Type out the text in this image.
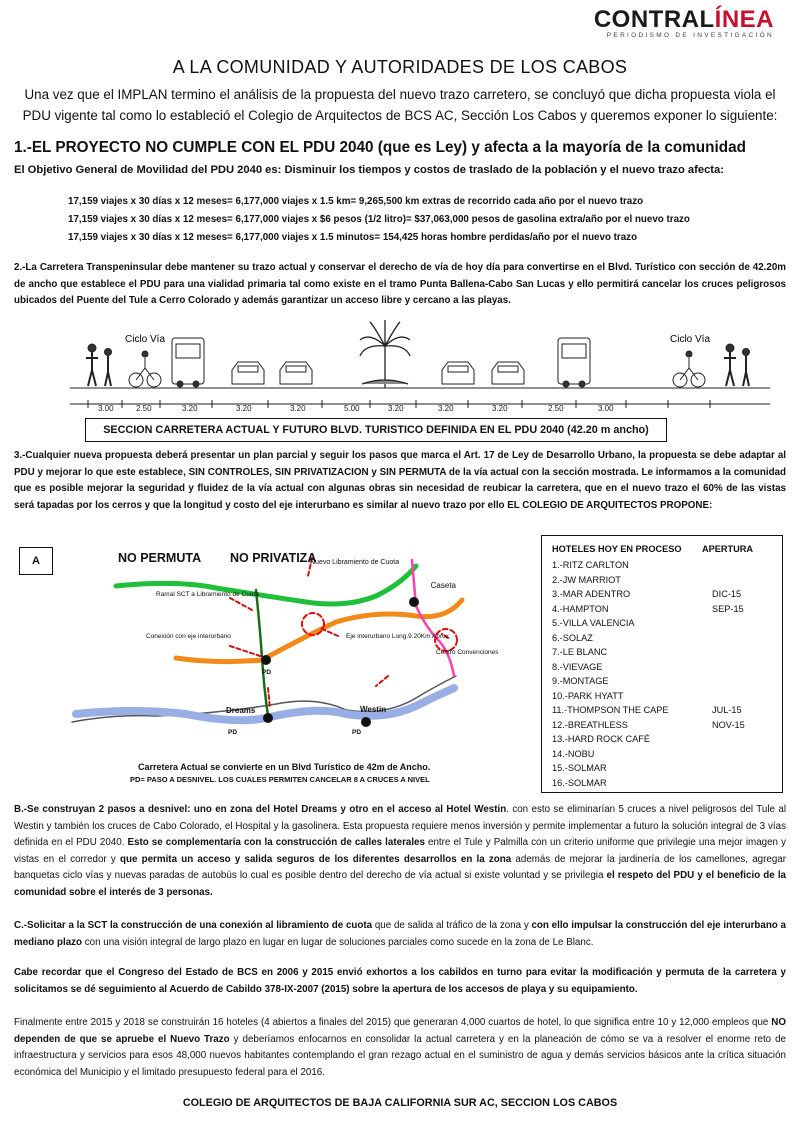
CONTRALÍNEA
PERIODISMO DE INVESTIGACIÓN
A LA COMUNIDAD Y AUTORIDADES DE LOS CABOS
Una vez que el IMPLAN termino el análisis de la propuesta del nuevo trazo carretero, se concluyó que dicha propuesta viola el PDU vigente tal como lo estableció el Colegio de Arquitectos de BCS AC, Sección Los Cabos y queremos exponer lo siguiente:
1.-EL PROYECTO NO CUMPLE CON EL PDU 2040 (que es Ley) y afecta a la mayoría de la comunidad
El Objetivo General de Movilidad del PDU 2040 es: Disminuir los tiempos y costos de traslado de la población y el nuevo trazo afecta:
17,159 viajes x 30 días x 12 meses= 6,177,000 viajes x 1.5 km= 9,265,500 km extras de recorrido cada año por el nuevo trazo
17,159 viajes x 30 días x 12 meses= 6,177,000 viajes x $6 pesos (1/2 litro)= $37,063,000 pesos de gasolina extra/año por el nuevo trazo
17,159 viajes x 30 días x 12 meses= 6,177,000 viajes x 1.5 minutos= 154,425 horas hombre perdidas/año por el nuevo trazo
2.-La Carretera Transpeninsular debe mantener su trazo actual y conservar el derecho de vía de hoy día para convertirse en el Blvd. Turístico con sección de 42.20m de ancho que establece el PDU para una vialidad primaria tal como existe en el tramo Punta Ballena-Cabo San Lucas y ello permitirá cancelar los cruces peligrosos ubicados del Puente del Tule a Cerro Colorado y además garantizar un acceso libre y cercano a las playas.
Ciclo Vía	Ciclo Vía
3.00	2.50	3.20	3.20	3.20	5.00	3.20	3.20	3.20	2.50	3.00
SECCION CARRETERA ACTUAL Y FUTURO BLVD. TURISTICO DEFINIDA EN EL PDU 2040 (42.20 m ancho)
3.-Cualquier nueva propuesta deberá presentar un plan parcial y seguir los pasos que marca el Art. 17 de Ley de Desarrollo Urbano, la propuesta se debe adaptar al PDU y mejorar lo que este establece, SIN CONTROLES, SIN PRIVATIZACION y SIN PERMUTA de la vía actual con la sección mostrada. Le informamos a la comunidad que es posible mejorar la seguridad y fluidez de la vía actual con algunas obras sin necesidad de reubicar la carretera, que en el nuevo trazo el 60% de las vistas será tapadas por los cerros y que la longitud y costo del eje interurbano es similar al nuevo trazo por ello EL COLEGIO DE ARQUITECTOS PROPONE:
A	NO PERMUTA NO PRIVATIZA
Nuevo Libramiento de Cuota
Caseta
Ramal SCT a Libramiento de Cuota
Conexión con eje interurbano	Eje interurbano Long.9.20Km Aprox.
Centro Convenciones
PD
Dreams	Westin
PD	PD
Carretera Actual se convierte en un Blvd Turístico de 42m de Ancho.
PD= PASO A DESNIVEL. LOS CUALES PERMITEN CANCELAR 8 A CRUCES A NIVEL
HOTELES HOY EN PROCESO APERTURA
1.-RITZ CARLTON
2.-JW MARRIOT
3.-MAR ADENTRO	DIC-15
4.-HAMPTON	SEP-15
5.-VILLA VALENCIA
6.-SOLAZ
7.-LE BLANC
8.-VIEVAGE
9.-MONTAGE
10.-PARK HYATT
11.-THOMPSON THE CAPE	JUL-15
12.-BREATHLESS	NOV-15
13.-HARD ROCK CAFÉ
14.-NOBU
15.-SOLMAR
16.-SOLMAR
B.-Se construyan 2 pasos a desnivel: uno en zona del Hotel Dreams y otro en el acceso al Hotel Westin. con esto se eliminarían 5 cruces a nivel peligrosos del Tule al Westin y también los cruces de Cabo Colorado, el Hospital y la gasolinera. Esta propuesta requiere menos inversión y permite implementar a futuro la solución integral de 3 vías definida en el PDU 2040. Esto se complementaría con la construcción de calles laterales entre el Tule y Palmilla con un criterio uniforme que privilegie una mejor imagen y vistas en el corredor y que permita un acceso y salida seguros de los diferentes desarrollos en la zona además de mejorar la jardinería de los camellones, agregar banquetas ciclo vías y nuevas paradas de autobús lo cual es posible dentro del derecho de vía actual si existe voluntad y se privilegia el respeto del PDU y el beneficio de la comunidad sobre el interés de 3 personas.
C.-Solicitar a la SCT la construcción de una conexión al libramiento de cuota que de salida al tráfico de la zona y con ello impulsar la construcción del eje interurbano a mediano plazo con una visión integral de largo plazo en lugar en lugar de soluciones parciales como sucede en la zona de Le Blanc.
Cabe recordar que el Congreso del Estado de BCS en 2006 y 2015 envió exhortos a los cabildos en turno para evitar la modificación y permuta de la carretera y solicitamos se dé seguimiento al Acuerdo de Cabildo 378-IX-2007 (2015) sobre la apertura de los accesos de playa y su equipamiento.
Finalmente entre 2015 y 2018 se construirán 16 hoteles (4 abiertos a finales del 2015) que generaran 4,000 cuartos de hotel, lo que significa entre 10 y 12,000 empleos que NO dependen de que se apruebe el Nuevo Trazo y deberíamos enfocarnos en consolidar la actual carretera y en la planeación de cómo se va a resolver el enorme reto de infraestructura y servicios para esos 48,000 nuevos habitantes contemplando el gran rezago actual en el suministro de agua y demás servicios básicos ante la crítica situación económica del Municipio y el limitado presupuesto federal para el 2016.
COLEGIO DE ARQUITECTOS DE BAJA CALIFORNIA SUR AC, SECCION LOS CABOS
